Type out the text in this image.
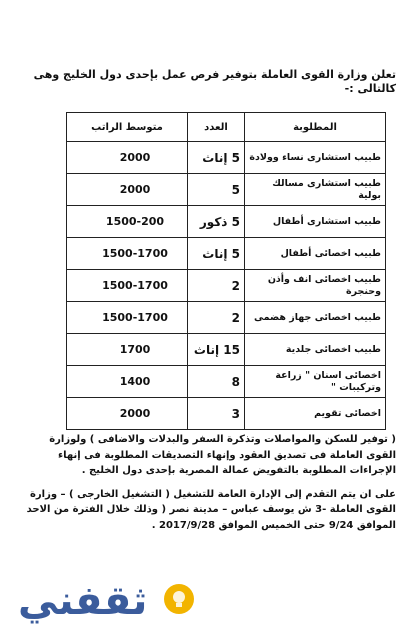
تعلن وزارة القوى العاملة بتوفير فرص عمل بإحدى دول الخليج وهى كالتالى :-
المطلوبة	العدد	متوسط الراتب
طبيب استشارى نساء وولادة	5 إناث	2000
طبيب استشارى مسالك بولية	5	2000
طبيب استشارى أطفال	5 ذكور	1500-200
طبيب اخصائى أطفال	5 إناث	1500-1700
طبيب اخصائى انف وأذن وحنجرة	2	1500-1700
طبيب اخصائى جهاز هضمى	2	1500-1700
طبيب اخصائى جلدية	15 إناث	1700
اخصائى اسنان " زراعة وتركيبات "	8	1400
اخصائى تقويم	3	2000

( توفير للسكن والمواصلات وتذكرة السفر والبدلات والاضافى ) ولوزارة القوى العاملة فى تصديق العقود وإنهاء التصديقات المطلوبة فى إنهاء الإجراءات المطلوبة بالتفويض عمالة المصرية بإحدى دول الخليج .

على ان يتم التقدم إلى الإدارة العامة للتشغيل ( التشغيل الخارجى ) – وزارة القوى العاملة -3 ش يوسف عباس – مدينة نصر ( وذلك خلال الفترة من الاحد الموافق 9/24 حتى الخميس الموافق 2017/9/28 .

ثقفني
